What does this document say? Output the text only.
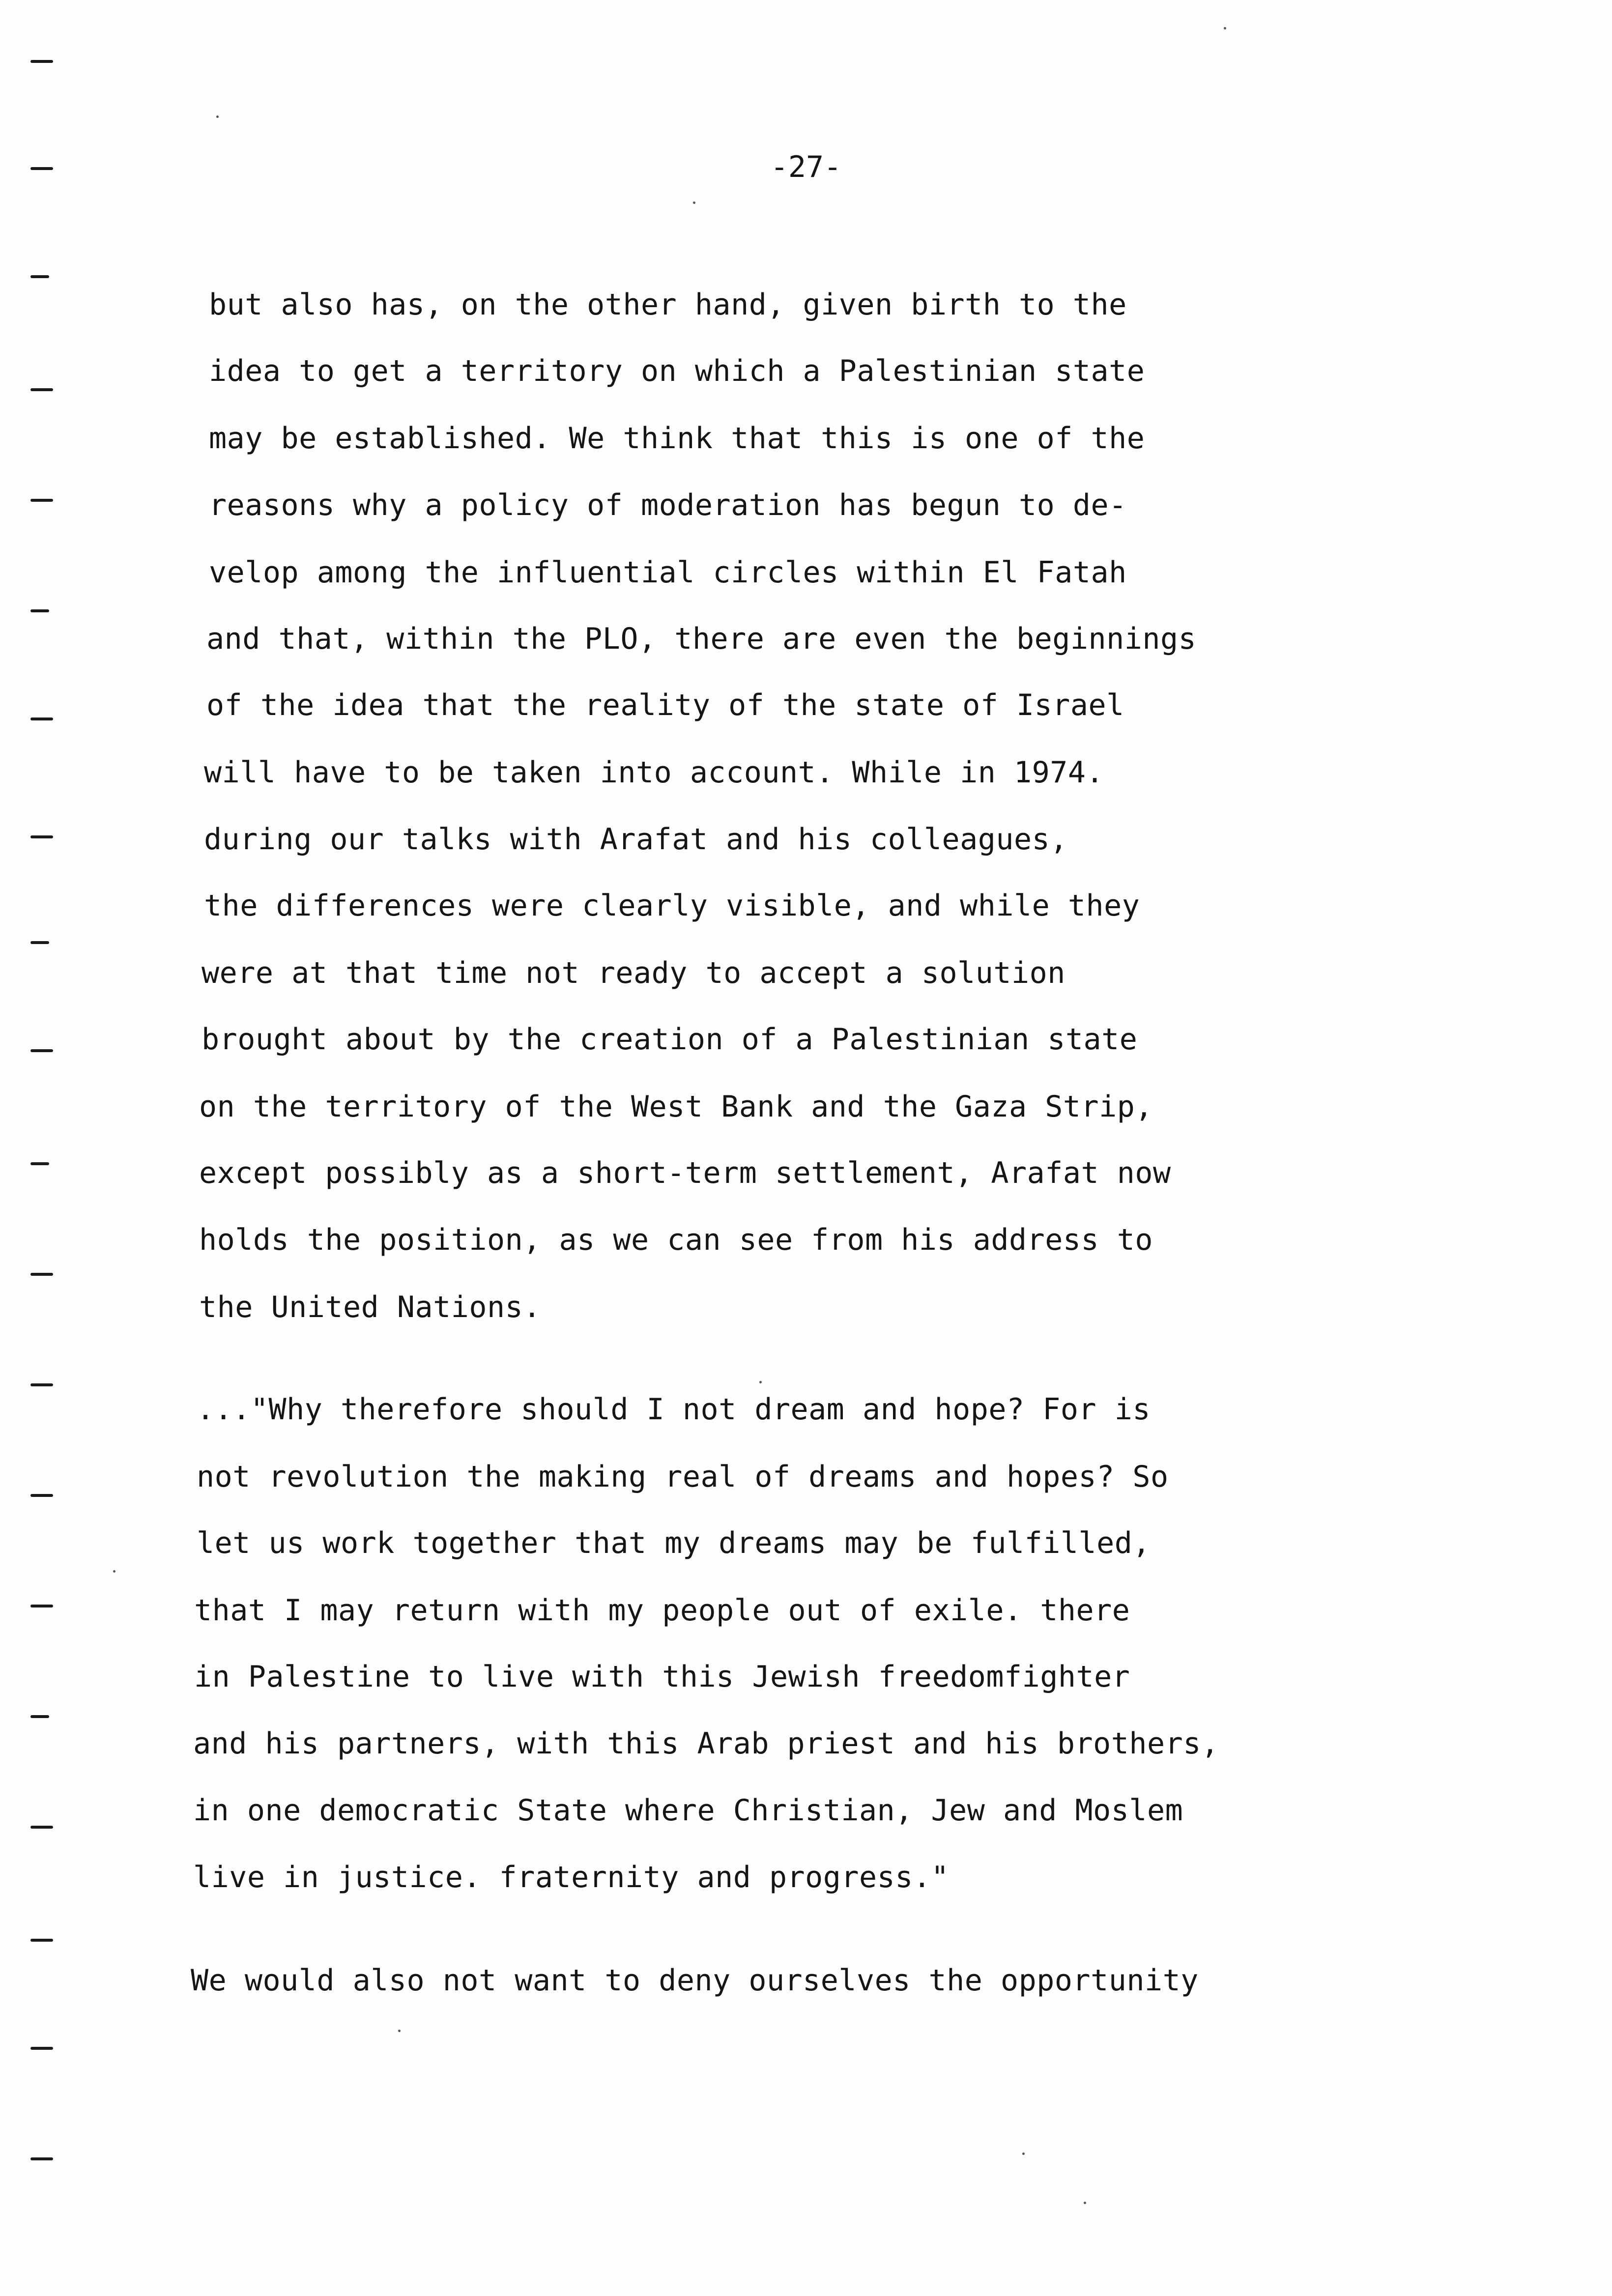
-27-
but also has, on the other hand, given birth to the
idea to get a territory on which a Palestinian state
may be established. We think that this is one of the
reasons why a policy of moderation has begun to de-
velop among the influential circles within El Fatah
and that, within the PLO, there are even the beginnings
of the idea that the reality of the state of Israel
will have to be taken into account. While in 1974.
during our talks with Arafat and his colleagues,
the differences were clearly visible, and while they
were at that time not ready to accept a solution
brought about by the creation of a Palestinian state
on the territory of the West Bank and the Gaza Strip,
except possibly as a short-term settlement, Arafat now
holds the position, as we can see from his address to
the United Nations.
..."Why therefore should I not dream and hope? For is
not revolution the making real of dreams and hopes? So
let us work together that my dreams may be fulfilled,
that I may return with my people out of exile. there
in Palestine to live with this Jewish freedomfighter
and his partners, with this Arab priest and his brothers,
in one democratic State where Christian, Jew and Moslem
live in justice. fraternity and progress."
We would also not want to deny ourselves the opportunity
